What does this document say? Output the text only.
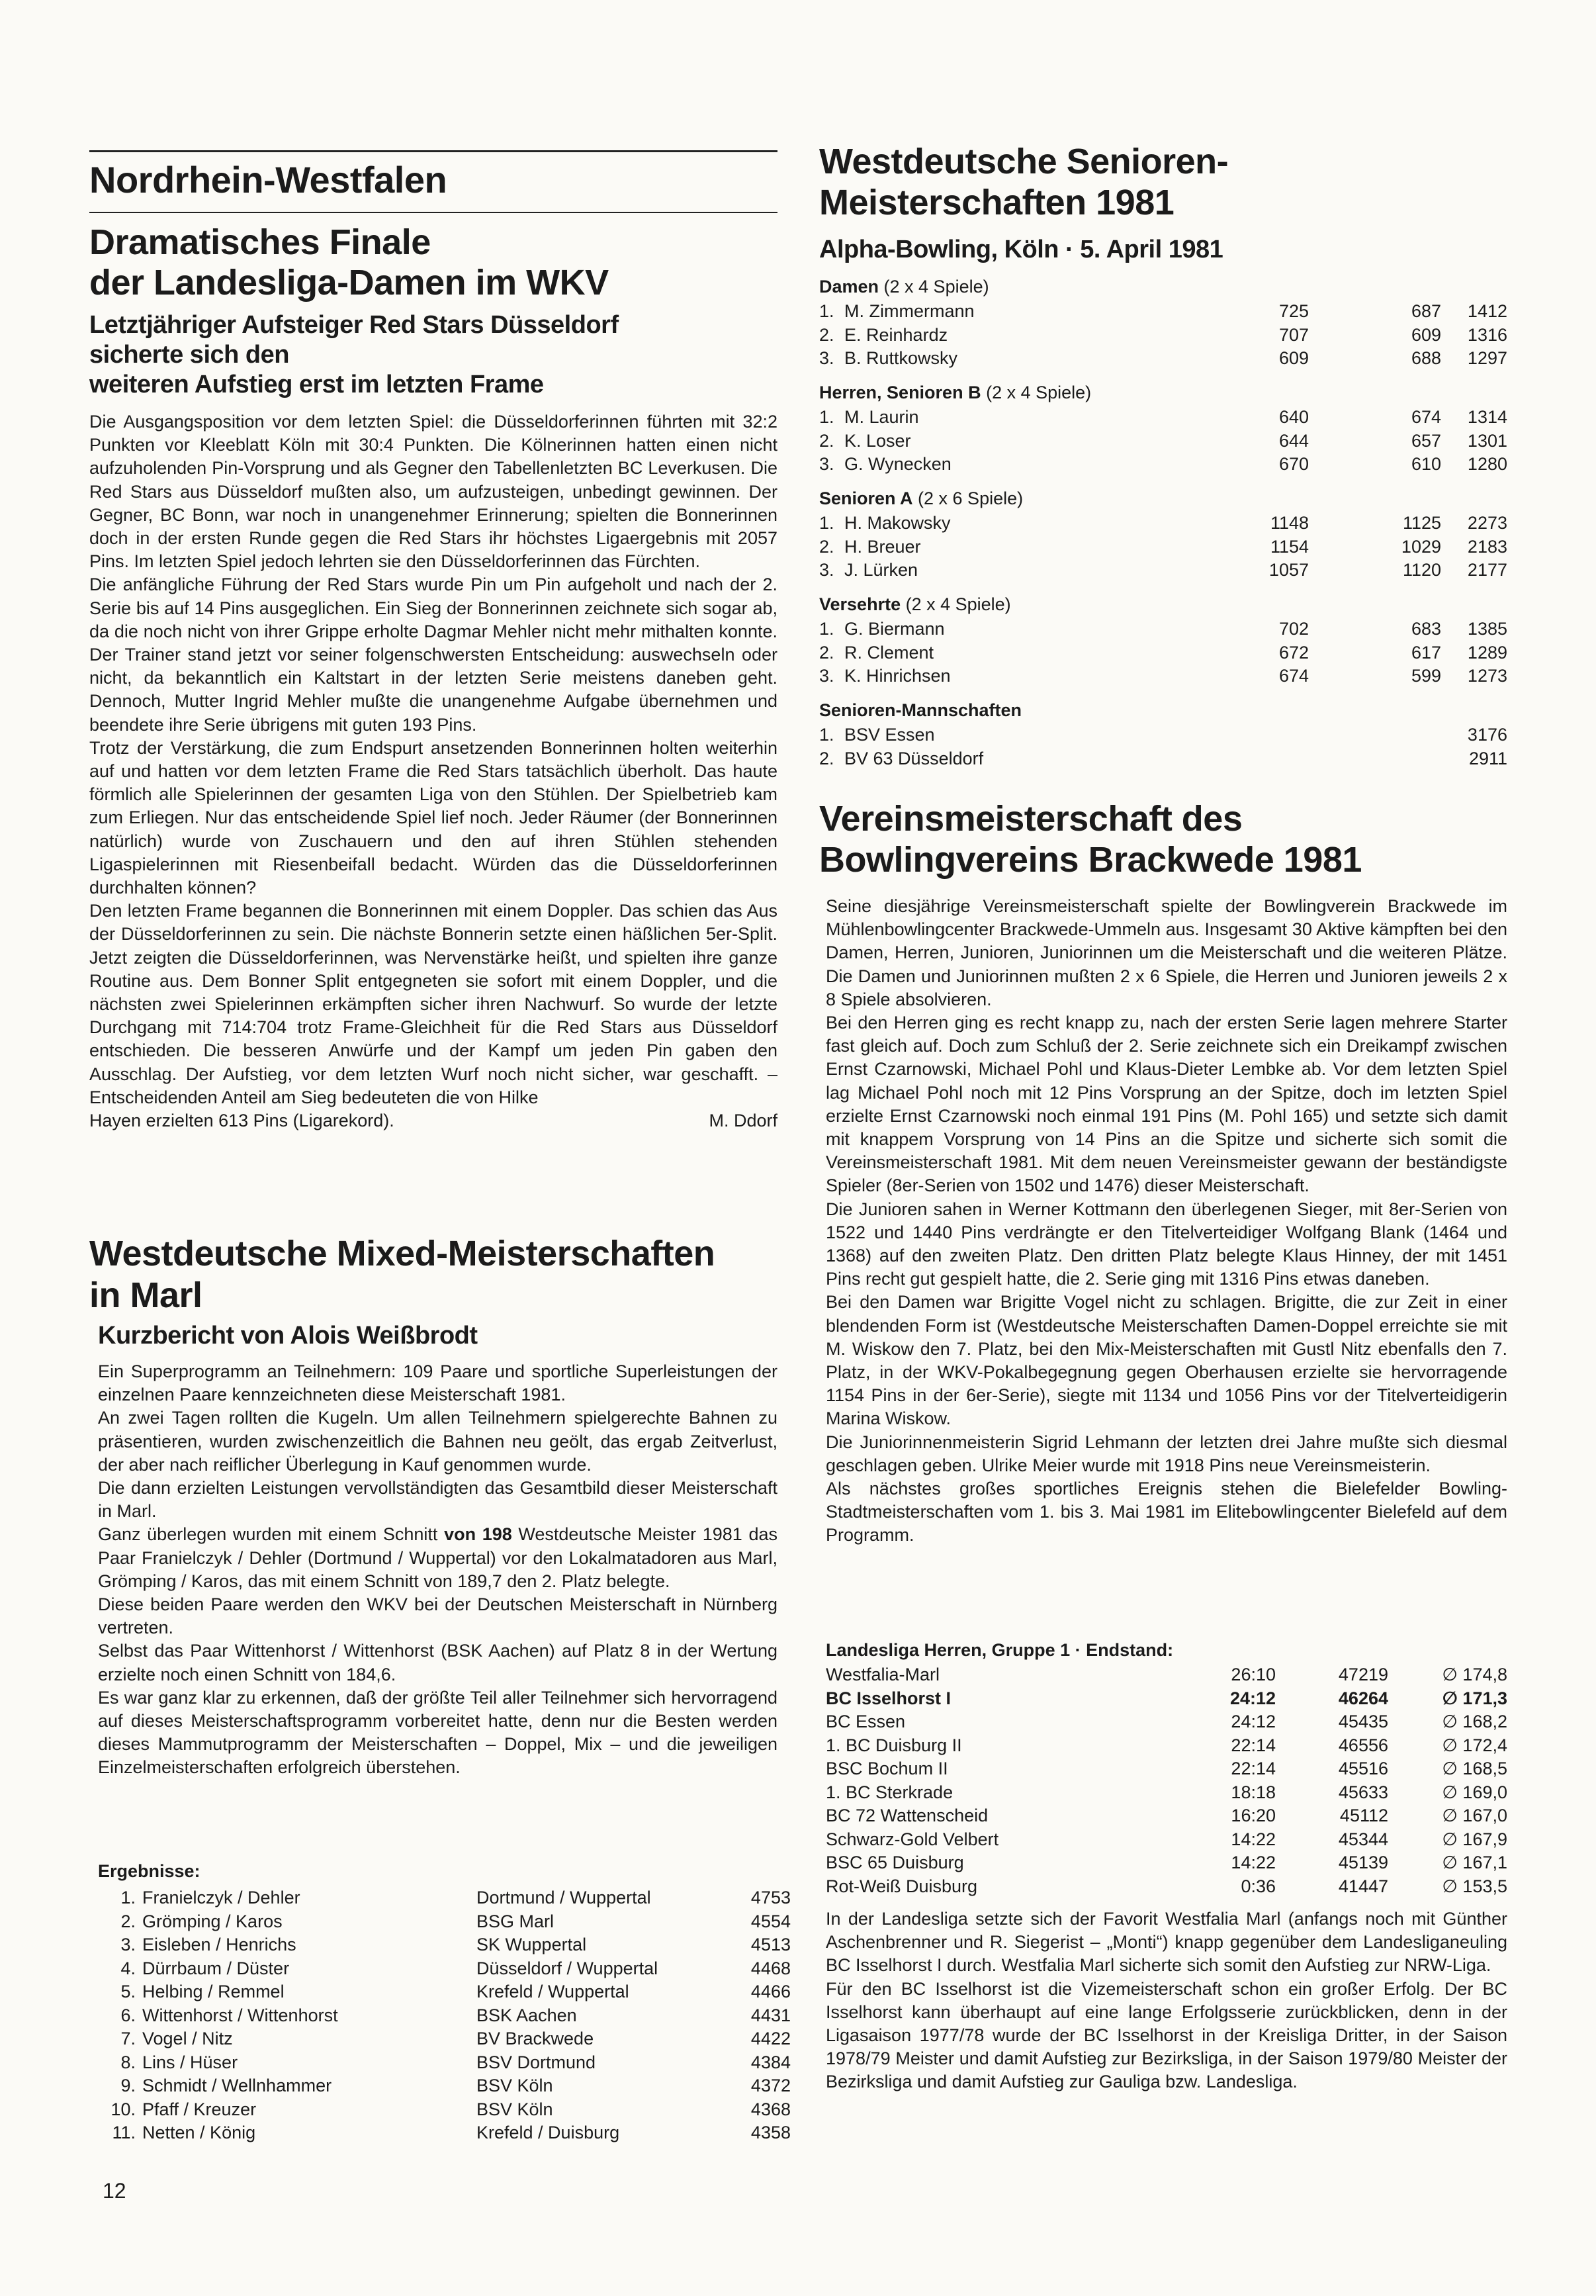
Nordrhein-Westfalen
Dramatisches Finale
der Landesliga-Damen im WKV
Letztjähriger Aufsteiger Red Stars Düsseldorf
sicherte sich den
weiteren Aufstieg erst im letzten Frame

Die Ausgangsposition vor dem letzten Spiel: die Düsseldorferinnen führten mit 32:2 Punkten vor Kleeblatt Köln mit 30:4 Punkten. Die Kölnerinnen hatten einen nicht aufzuholenden Pin-Vorsprung und als Gegner den Tabellenletzten BC Leverkusen. Die Red Stars aus Düsseldorf mußten also, um aufzusteigen, unbedingt gewinnen. Der Gegner, BC Bonn, war noch in unangenehmer Erinnerung; spielten die Bonnerinnen doch in der ersten Runde gegen die Red Stars ihr höchstes Ligaergebnis mit 2057 Pins. Im letzten Spiel jedoch lehrten sie den Düsseldorferinnen das Fürchten.

Die anfängliche Führung der Red Stars wurde Pin um Pin aufgeholt und nach der 2. Serie bis auf 14 Pins ausgeglichen. Ein Sieg der Bonnerinnen zeichnete sich sogar ab, da die noch nicht von ihrer Grippe erholte Dagmar Mehler nicht mehr mithalten konnte. Der Trainer stand jetzt vor seiner folgenschwersten Entscheidung: auswechseln oder nicht, da bekanntlich ein Kaltstart in der letzten Serie meistens daneben geht. Dennoch, Mutter Ingrid Mehler mußte die unangenehme Aufgabe übernehmen und beendete ihre Serie übrigens mit guten 193 Pins.

Trotz der Verstärkung, die zum Endspurt ansetzenden Bonnerinnen holten weiterhin auf und hatten vor dem letzten Frame die Red Stars tatsächlich überholt. Das haute förmlich alle Spielerinnen der gesamten Liga von den Stühlen. Der Spielbetrieb kam zum Erliegen. Nur das entscheidende Spiel lief noch. Jeder Räumer (der Bonnerinnen natürlich) wurde von Zuschauern und den auf ihren Stühlen stehenden Ligaspielerinnen mit Riesenbeifall bedacht. Würden das die Düsseldorferinnen durchhalten können?

Den letzten Frame begannen die Bonnerinnen mit einem Doppler. Das schien das Aus der Düsseldorferinnen zu sein. Die nächste Bonnerin setzte einen häßlichen 5er-Split. Jetzt zeigten die Düsseldorferinnen, was Nervenstärke heißt, und spielten ihre ganze Routine aus. Dem Bonner Split entgegneten sie sofort mit einem Doppler, und die nächsten zwei Spielerinnen erkämpften sicher ihren Nachwurf. So wurde der letzte Durchgang mit 714:704 trotz Frame-Gleichheit für die Red Stars aus Düsseldorf entschieden. Die besseren Anwürfe und der Kampf um jeden Pin gaben den Ausschlag. Der Aufstieg, vor dem letzten Wurf noch nicht sicher, war geschafft. – Entscheidenden Anteil am Sieg bedeuteten die von Hilke

Hayen erzielten 613 Pins (Ligarekord).	M. Ddorf
Westdeutsche Mixed-Meisterschaften
in Marl
Kurzbericht von Alois Weißbrodt

Ein Superprogramm an Teilnehmern: 109 Paare und sportliche Superleistungen der einzelnen Paare kennzeichneten diese Meisterschaft 1981.

An zwei Tagen rollten die Kugeln. Um allen Teilnehmern spielgerechte Bahnen zu präsentieren, wurden zwischenzeitlich die Bahnen neu geölt, das ergab Zeitverlust, der aber nach reiflicher Überlegung in Kauf genommen wurde.

Die dann erzielten Leistungen vervollständigten das Gesamtbild dieser Meisterschaft in Marl.

Ganz überlegen wurden mit einem Schnitt von 198 Westdeutsche Meister 1981 das Paar Franielczyk / Dehler (Dortmund / Wuppertal) vor den Lokalmatadoren aus Marl, Grömping / Karos, das mit einem Schnitt von 189,7 den 2. Platz belegte.

Diese beiden Paare werden den WKV bei der Deutschen Meisterschaft in Nürnberg vertreten.

Selbst das Paar Wittenhorst / Wittenhorst (BSK Aachen) auf Platz 8 in der Wertung erzielte noch einen Schnitt von 184,6.

Es war ganz klar zu erkennen, daß der größte Teil aller Teilnehmer sich hervorragend auf dieses Meisterschaftsprogramm vorbereitet hatte, denn nur die Besten werden dieses Mammutprogramm der Meisterschaften – Doppel, Mix – und die jeweiligen Einzelmeisterschaften erfolgreich überstehen.

Ergebnisse:
1.	Franielczyk / Dehler	Dortmund / Wuppertal	4753
2.	Grömping / Karos	BSG Marl	4554
3.	Eisleben / Henrichs	SK Wuppertal	4513
4.	Dürrbaum / Düster	Düsseldorf / Wuppertal	4468
5.	Helbing / Remmel	Krefeld / Wuppertal	4466
6.	Wittenhorst / Wittenhorst	BSK Aachen	4431
7.	Vogel / Nitz	BV Brackwede	4422
8.	Lins / Hüser	BSV Dortmund	4384
9.	Schmidt / Wellnhammer	BSV Köln	4372
10.	Pfaff / Kreuzer	BSV Köln	4368
11.	Netten / König	Krefeld / Duisburg	4358
12
Westdeutsche Senioren-
Meisterschaften 1981
Alpha-Bowling, Köln · 5. April 1981
Damen (2 x 4 Spiele)
1.	M. Zimmermann	725	687	1412
2.	E. Reinhardz	707	609	1316
3.	B. Ruttkowsky	609	688	1297
Herren, Senioren B (2 x 4 Spiele)
1.	M. Laurin	640	674	1314
2.	K. Loser	644	657	1301
3.	G. Wynecken	670	610	1280
Senioren A (2 x 6 Spiele)
1.	H. Makowsky	1148	1125	2273
2.	H. Breuer	1154	1029	2183
3.	J. Lürken	1057	1120	2177
Versehrte (2 x 4 Spiele)
1.	G. Biermann	702	683	1385
2.	R. Clement	672	617	1289
3.	K. Hinrichsen	674	599	1273
Senioren-Mannschaften
1.	BSV Essen			3176
2.	BV 63 Düsseldorf			2911
Vereinsmeisterschaft des
Bowlingvereins Brackwede 1981

Seine diesjährige Vereinsmeisterschaft spielte der Bowlingverein Brackwede im Mühlenbowlingcenter Brackwede-Ummeln aus. Insgesamt 30 Aktive kämpften bei den Damen, Herren, Junioren, Juniorinnen um die Meisterschaft und die weiteren Plätze. Die Damen und Juniorinnen mußten 2 x 6 Spiele, die Herren und Junioren jeweils 2 x 8 Spiele absolvieren.

Bei den Herren ging es recht knapp zu, nach der ersten Serie lagen mehrere Starter fast gleich auf. Doch zum Schluß der 2. Serie zeichnete sich ein Dreikampf zwischen Ernst Czarnowski, Michael Pohl und Klaus-Dieter Lembke ab. Vor dem letzten Spiel lag Michael Pohl noch mit 12 Pins Vorsprung an der Spitze, doch im letzten Spiel erzielte Ernst Czarnowski noch einmal 191 Pins (M. Pohl 165) und setzte sich damit mit knappem Vorsprung von 14 Pins an die Spitze und sicherte sich somit die Vereinsmeisterschaft 1981. Mit dem neuen Vereinsmeister gewann der beständigste Spieler (8er-Serien von 1502 und 1476) dieser Meisterschaft.

Die Junioren sahen in Werner Kottmann den überlegenen Sieger, mit 8er-Serien von 1522 und 1440 Pins verdrängte er den Titelverteidiger Wolfgang Blank (1464 und 1368) auf den zweiten Platz. Den dritten Platz belegte Klaus Hinney, der mit 1451 Pins recht gut gespielt hatte, die 2. Serie ging mit 1316 Pins etwas daneben.

Bei den Damen war Brigitte Vogel nicht zu schlagen. Brigitte, die zur Zeit in einer blendenden Form ist (Westdeutsche Meisterschaften Damen-Doppel erreichte sie mit M. Wiskow den 7. Platz, bei den Mix-Meisterschaften mit Gustl Nitz ebenfalls den 7. Platz, in der WKV-Pokalbegegnung gegen Oberhausen erzielte sie hervorragende 1154 Pins in der 6er-Serie), siegte mit 1134 und 1056 Pins vor der Titelverteidigerin Marina Wiskow.

Die Juniorinnenmeisterin Sigrid Lehmann der letzten drei Jahre mußte sich diesmal geschlagen geben. Ulrike Meier wurde mit 1918 Pins neue Vereinsmeisterin.

Als nächstes großes sportliches Ereignis stehen die Bielefelder Bowling-Stadtmeisterschaften vom 1. bis 3. Mai 1981 im Elitebowlingcenter Bielefeld auf dem Programm.

Landesliga Herren, Gruppe 1 · Endstand:
Westfalia-Marl	26:10	47219	∅ 174,8
BC Isselhorst I	24:12	46264	∅ 171,3
BC Essen	24:12	45435	∅ 168,2
1. BC Duisburg II	22:14	46556	∅ 172,4
BSC Bochum II	22:14	45516	∅ 168,5
1. BC Sterkrade	18:18	45633	∅ 169,0
BC 72 Wattenscheid	16:20	45112	∅ 167,0
Schwarz-Gold Velbert	14:22	45344	∅ 167,9
BSC 65 Duisburg	14:22	45139	∅ 167,1
Rot-Weiß Duisburg	0:36	41447	∅ 153,5

In der Landesliga setzte sich der Favorit Westfalia Marl (anfangs noch mit Günther Aschenbrenner und R. Siegerist – „Monti“) knapp gegenüber dem Landesliganeuling BC Isselhorst I durch. Westfalia Marl sicherte sich somit den Aufstieg zur NRW-Liga.

Für den BC Isselhorst ist die Vizemeisterschaft schon ein großer Erfolg. Der BC Isselhorst kann überhaupt auf eine lange Erfolgsserie zurückblicken, denn in der Ligasaison 1977/78 wurde der BC Isselhorst in der Kreisliga Dritter, in der Saison 1978/79 Meister und damit Aufstieg zur Bezirksliga, in der Saison 1979/80 Meister der Bezirksliga und damit Aufstieg zur Gauliga bzw. Landesliga.
